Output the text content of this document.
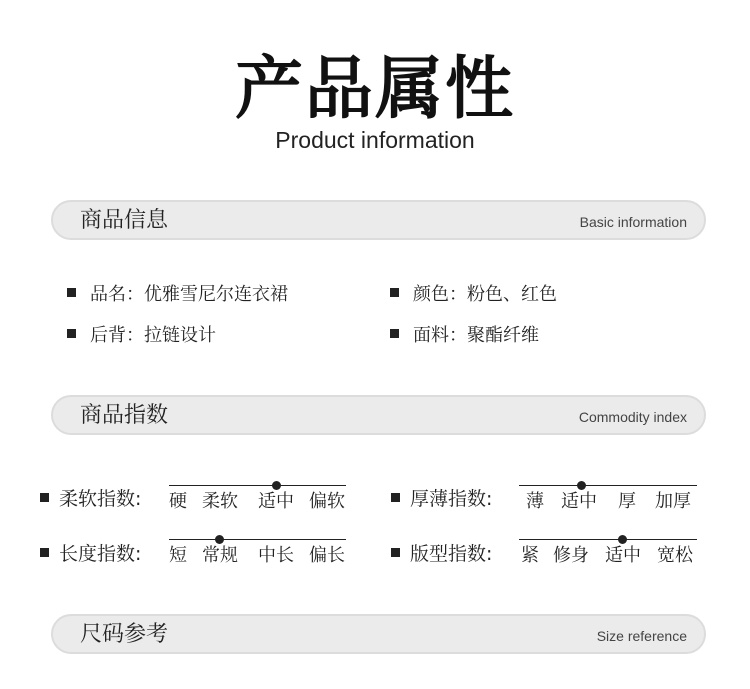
产品属性
Product information
商品信息	Basic information
品名：优雅雪尼尔连衣裙	颜色：粉色、红色
后背：拉链设计	面料：聚酯纤维
商品指数	Commodity index
柔软指数: 硬 柔软 适中 偏软	厚薄指数: 薄 适中 厚 加厚
长度指数: 短 常规 中长 偏长	版型指数: 紧 修身 适中 宽松
尺码参考	Size reference
